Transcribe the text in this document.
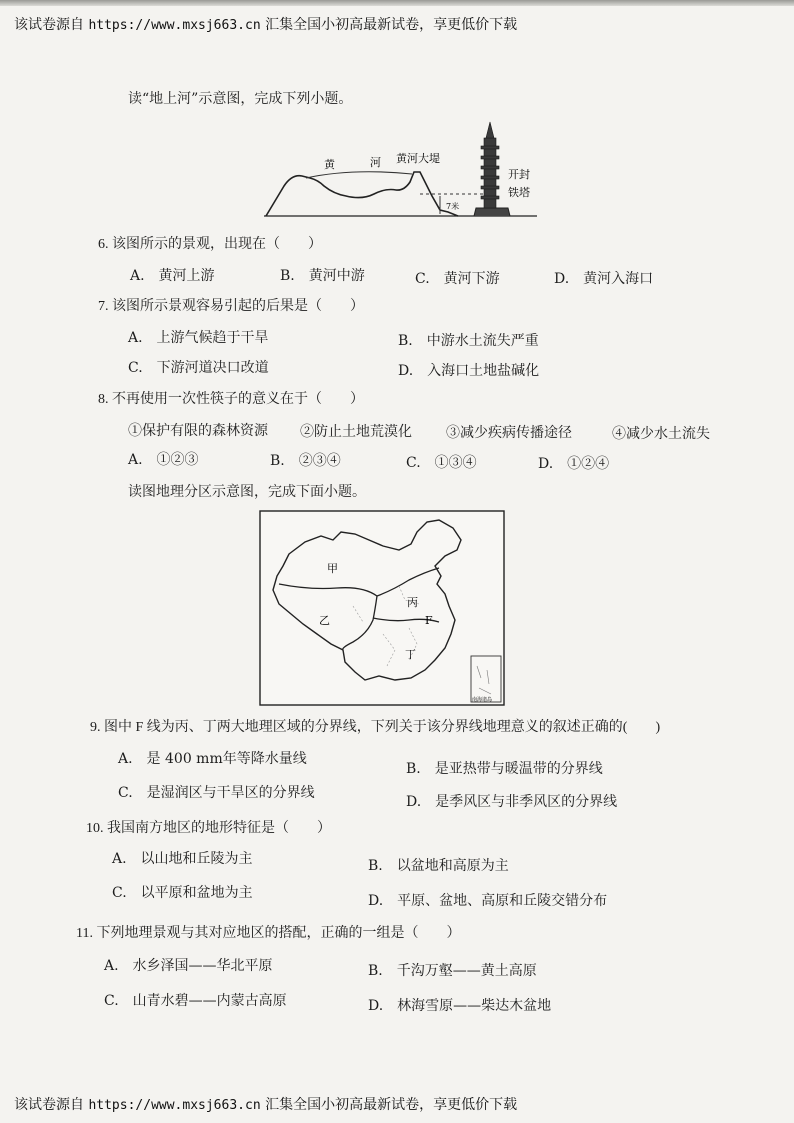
该试卷源自 https://www.mxsj663.cn 汇集全国小初高最新试卷，享更低价下载
读“地上河”示意图，完成下列小题。
黄	河 黄河大堤
开封
铁塔
7米
6. 该图所示的景观，出现在（　　）
A.　黄河上游	B.　黄河中游	C.　黄河下游	D.　黄河入海口
7. 该图所示景观容易引起的后果是（　　）
A.　上游气候趋于干旱	B.　中游水土流失严重
C.　下游河道决口改道	D.　入海口土地盐碱化
8. 不再使用一次性筷子的意义在于（　　）
①保护有限的森林资源 ②防止土地荒漠化 ③减少疾病传播途径	④减少水土流失
A.　①②③	B.　②③④	C.　①③④	D.　①②④
读图地理分区示意图，完成下面小题。
甲
乙
丙
丁
F
南海诸岛
9. 图中 F 线为丙、丁两大地理区域的分界线，下列关于该分界线地理意义的叙述正确的(　　)
A.　是 400 mm年等降水量线
B.　是亚热带与暖温带的分界线
C.　是湿润区与干旱区的分界线
D.　是季风区与非季风区的分界线
10. 我国南方地区的地形特征是（　　）
A.　以山地和丘陵为主	B.　以盆地和高原为主
C.　以平原和盆地为主	D.　平原、盆地、高原和丘陵交错分布
11. 下列地理景观与其对应地区的搭配，正确的一组是（　　）
A.　水乡泽国——华北平原	B.　千沟万壑——黄土高原
C.　山青水碧——内蒙古高原	D.　林海雪原——柴达木盆地
该试卷源自 https://www.mxsj663.cn 汇集全国小初高最新试卷，享更低价下载
